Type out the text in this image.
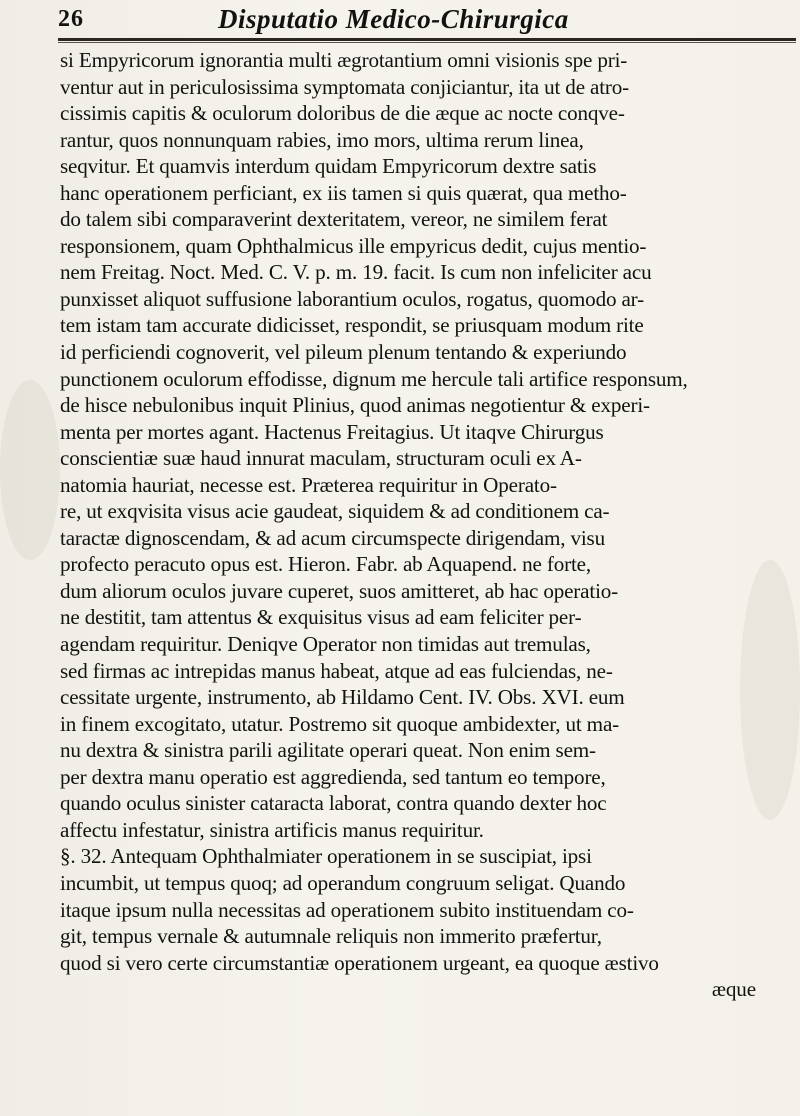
26	Disputatio Medico-Chirurgica
si Empyricorum ignorantia multi ægrotantium omni visionis spe pri-
ventur aut in periculosissima symptomata conjiciantur, ita ut de atro-
cissimis capitis & oculorum doloribus de die æque ac nocte conqve-
rantur, quos nonnunquam rabies, imo mors, ultima rerum linea,
seqvitur. Et quamvis interdum quidam Empyricorum dextre satis
hanc operationem perficiant, ex iis tamen si quis quærat, qua metho-
do talem sibi comparaverint dexteritatem, vereor, ne similem ferat
responsionem, quam Ophthalmicus ille empyricus dedit, cujus mentio-
nem Freitag. Noct. Med. C. V. p. m. 19. facit. Is cum non infeliciter acu
punxisset aliquot suffusione laborantium oculos, rogatus, quomodo ar-
tem istam tam accurate didicisset, respondit, se priusquam modum rite
id perficiendi cognoverit, vel pileum plenum tentando & experiundo
punctionem oculorum effodisse, dignum me hercule tali artifice responsum,
de hisce nebulonibus inquit Plinius, quod animas negotientur & experi-
menta per mortes agant. Hactenus Freitagius. Ut itaqve Chirurgus
conscientiæ suæ haud innurat maculam, structuram oculi ex A-
natomia hauriat, necesse est. Præterea requiritur in Operato-
re, ut exqvisita visus acie gaudeat, siquidem & ad conditionem ca-
taractæ dignoscendam, & ad acum circumspecte dirigendam, visu
profecto peracuto opus est. Hieron. Fabr. ab Aquapend. ne forte,
dum aliorum oculos juvare cuperet, suos amitteret, ab hac operatio-
ne destitit, tam attentus & exquisitus visus ad eam feliciter per-
agendam requiritur. Deniqve Operator non timidas aut tremulas,
sed firmas ac intrepidas manus habeat, atque ad eas fulciendas, ne-
cessitate urgente, instrumento, ab Hildamo Cent. IV. Obs. XVI. eum
in finem excogitato, utatur. Postremo sit quoque ambidexter, ut ma-
nu dextra & sinistra parili agilitate operari queat. Non enim sem-
per dextra manu operatio est aggredienda, sed tantum eo tempore,
quando oculus sinister cataracta laborat, contra quando dexter hoc
affectu infestatur, sinistra artificis manus requiritur.
§. 32. Antequam Ophthalmiater operationem in se suscipiat, ipsi
incumbit, ut tempus quoq; ad operandum congruum seligat. Quando
itaque ipsum nulla necessitas ad operationem subito instituendam co-
git, tempus vernale & autumnale reliquis non immerito præfertur,
quod si vero certe circumstantiæ operationem urgeant, ea quoque æstivo
æque
